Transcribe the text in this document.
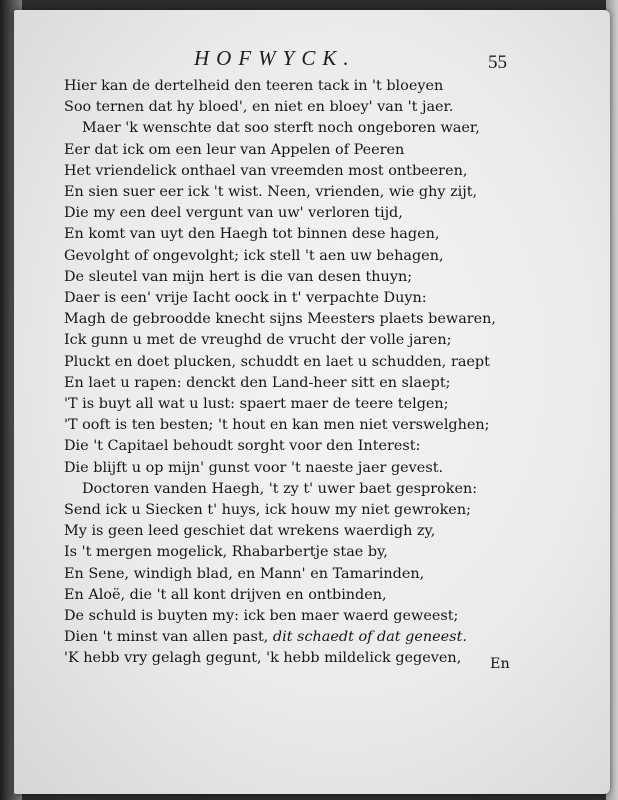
HOFWYCK.	55
Hier kan de dertelheid den teeren tack in 't bloeyen
Soo ternen dat hy bloed', en niet en bloey' van 't jaer.
Maer 'k wenschte dat soo sterft noch ongeboren waer,
Eer dat ick om een leur van Appelen of Peeren
Het vriendelick onthael van vreemden most ontbeeren,
En sien suer eer ick 't wist. Neen, vrienden, wie ghy zijt,
Die my een deel vergunt van uw' verloren tijd,
En komt van uyt den Haegh tot binnen dese hagen,
Gevolght of ongevolght; ick stell 't aen uw behagen,
De sleutel van mijn hert is die van desen thuyn;
Daer is een' vrije Iacht oock in t' verpachte Duyn:
Magh de gebroodde knecht sijns Meesters plaets bewaren,
Ick gunn u met de vreughd de vrucht der volle jaren;
Pluckt en doet plucken, schuddt en laet u schudden, raept
En laet u rapen: denckt den Land-heer sitt en slaept;
'T is buyt all wat u lust: spaert maer de teere telgen;
'T ooft is ten besten; 't hout en kan men niet verswelghen;
Die 't Capitael behoudt sorght voor den Interest:
Die blijft u op mijn' gunst voor 't naeste jaer gevest.
Doctoren vanden Haegh, 't zy t' uwer baet gesproken:
Send ick u Siecken t' huys, ick houw my niet gewroken;
My is geen leed geschiet dat wrekens waerdigh zy,
Is 't mergen mogelick, Rhabarbertje stae by,
En Sene, windigh blad, en Mann' en Tamarinden,
En Aloë, die 't all kont drijven en ontbinden,
De schuld is buyten my: ick ben maer waerd geweest;
Dien 't minst van allen past, dit schaedt of dat geneest.
'K hebb vry gelagh gegunt, 'k hebb mildelick gegeven,	En
